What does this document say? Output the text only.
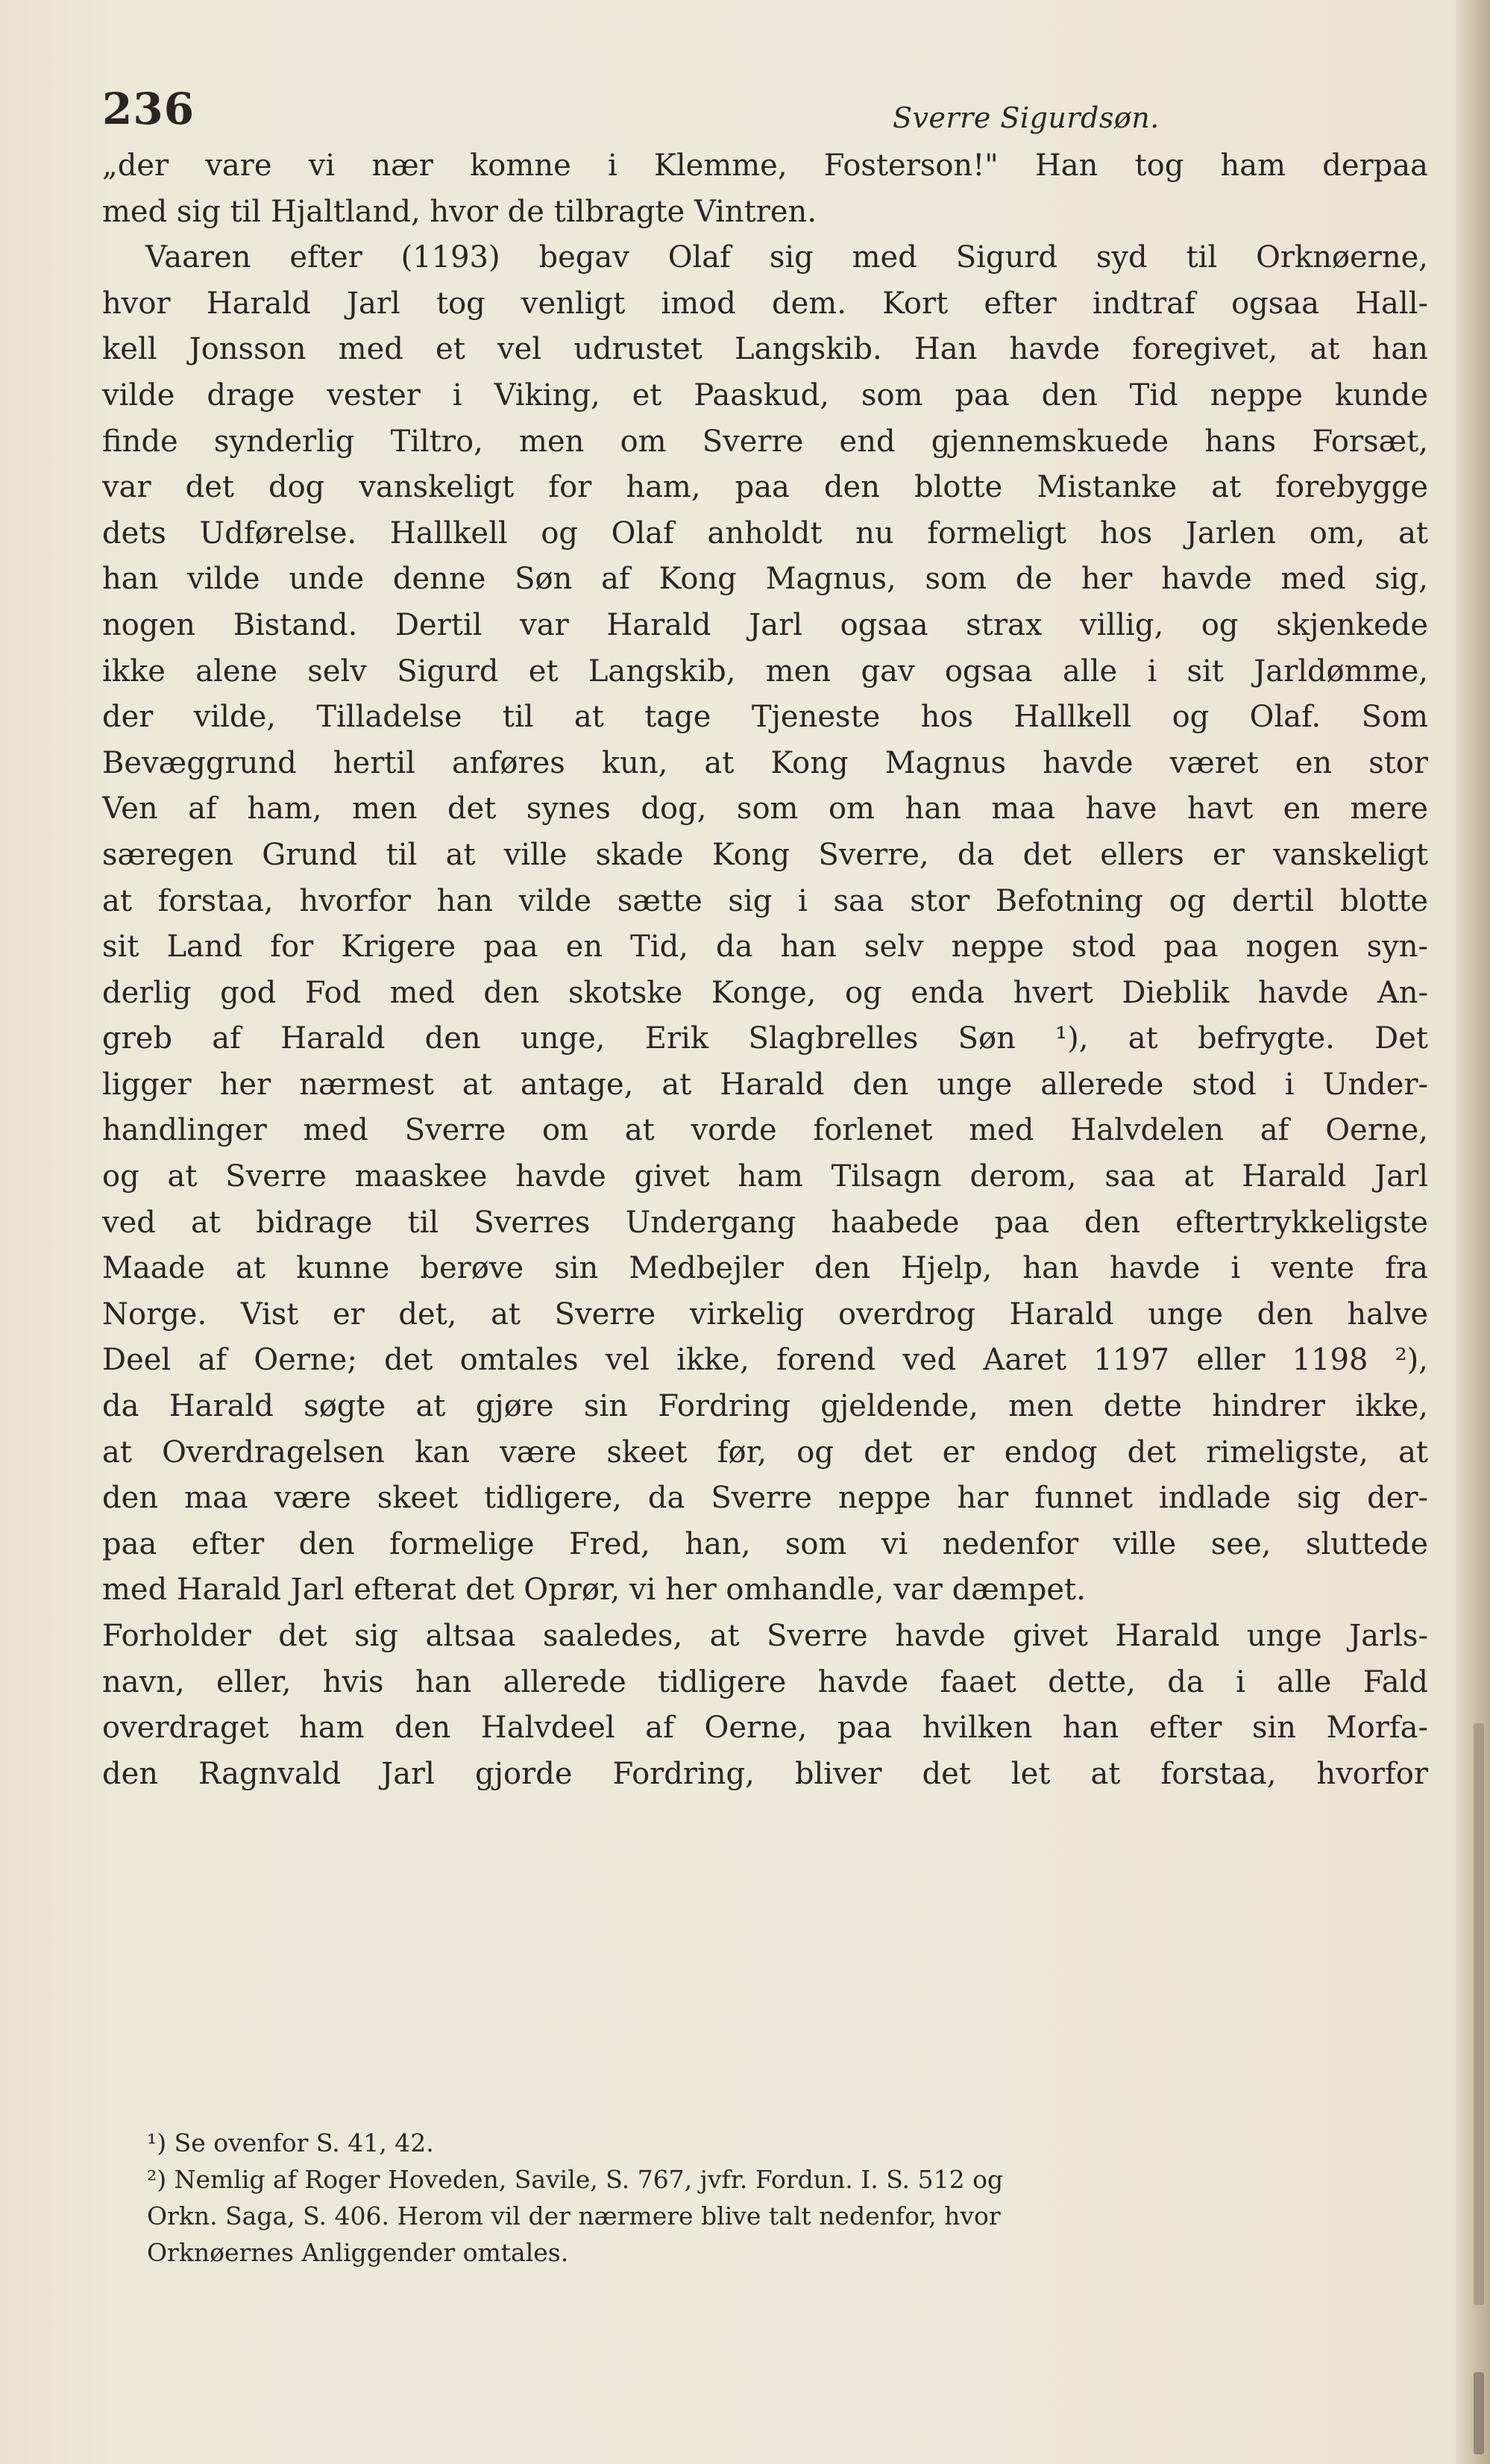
236	Sverre Sigurdsøn.
„der vare vi nær komne i Klemme, Fosterson!" Han tog ham derpaa
med sig til Hjaltland, hvor de tilbragte Vintren.
Vaaren efter (1193) begav Olaf sig med Sigurd syd til Orknøerne,
hvor Harald Jarl tog venligt imod dem. Kort efter indtraf ogsaa Hall-
kell Jonsson med et vel udrustet Langskib. Han havde foregivet, at han
vilde drage vester i Viking, et Paaskud, som paa den Tid neppe kunde
finde synderlig Tiltro, men om Sverre end gjennemskuede hans Forsæt,
var det dog vanskeligt for ham, paa den blotte Mistanke at forebygge
dets Udførelse. Hallkell og Olaf anholdt nu formeligt hos Jarlen om, at
han vilde unde denne Søn af Kong Magnus, som de her havde med sig,
nogen Bistand. Dertil var Harald Jarl ogsaa strax villig, og skjenkede
ikke alene selv Sigurd et Langskib, men gav ogsaa alle i sit Jarldømme,
der vilde, Tilladelse til at tage Tjeneste hos Hallkell og Olaf. Som
Bevæggrund hertil anføres kun, at Kong Magnus havde været en stor
Ven af ham, men det synes dog, som om han maa have havt en mere
særegen Grund til at ville skade Kong Sverre, da det ellers er vanskeligt
at forstaa, hvorfor han vilde sætte sig i saa stor Befotning og dertil blotte
sit Land for Krigere paa en Tid, da han selv neppe stod paa nogen syn-
derlig god Fod med den skotske Konge, og endа hvert Dieblik havde An-
greb af Harald den unge, Erik Slagbrelles Søn ¹), at befrygte. Det
ligger her nærmest at antage, at Harald den unge allerede stod i Under-
handlinger med Sverre om at vorde forlenet med Halvdelen af Oerne,
og at Sverre maaskee havde givet ham Tilsagn derom, saa at Harald Jarl
ved at bidrage til Sverres Undergang haabede paa den eftertrykkeligste
Maade at kunne berøve sin Medbejler den Hjelp, han havde i vente fra
Norge. Vist er det, at Sverre virkelig overdrog Harald unge den halve
Deel af Oerne; det omtales vel ikke, forend ved Aaret 1197 eller 1198 ²),
da Harald søgte at gjøre sin Fordring gjeldende, men dette hindrer ikke,
at Overdragelsen kan være skeet før, og det er endog det rimeligste, at
den maa være skeet tidligere, da Sverre neppe har funnet indlade sig der-
paa efter den formelige Fred, han, som vi nedenfor ville see, sluttede
med Harald Jarl efterat det Oprør, vi her omhandle, var dæmpet.
Forholder det sig altsaa saaledes, at Sverre havde givet Harald unge Jarls-
navn, eller, hvis han allerede tidligere havde faaet dette, da i alle Fald
overdraget ham den Halvdeel af Oerne, paa hvilken han efter sin Morfa-
den Ragnvald Jarl gjorde Fordring, bliver det let at forstaa, hvorfor
¹) Se ovenfor S. 41, 42.
²) Nemlig af Roger Hoveden, Savile, S. 767, jvfr. Fordun. I. S. 512 og
Orkn. Saga, S. 406. Herom vil der nærmere blive talt nedenfor, hvor
Orknøernes Anliggender omtales.
